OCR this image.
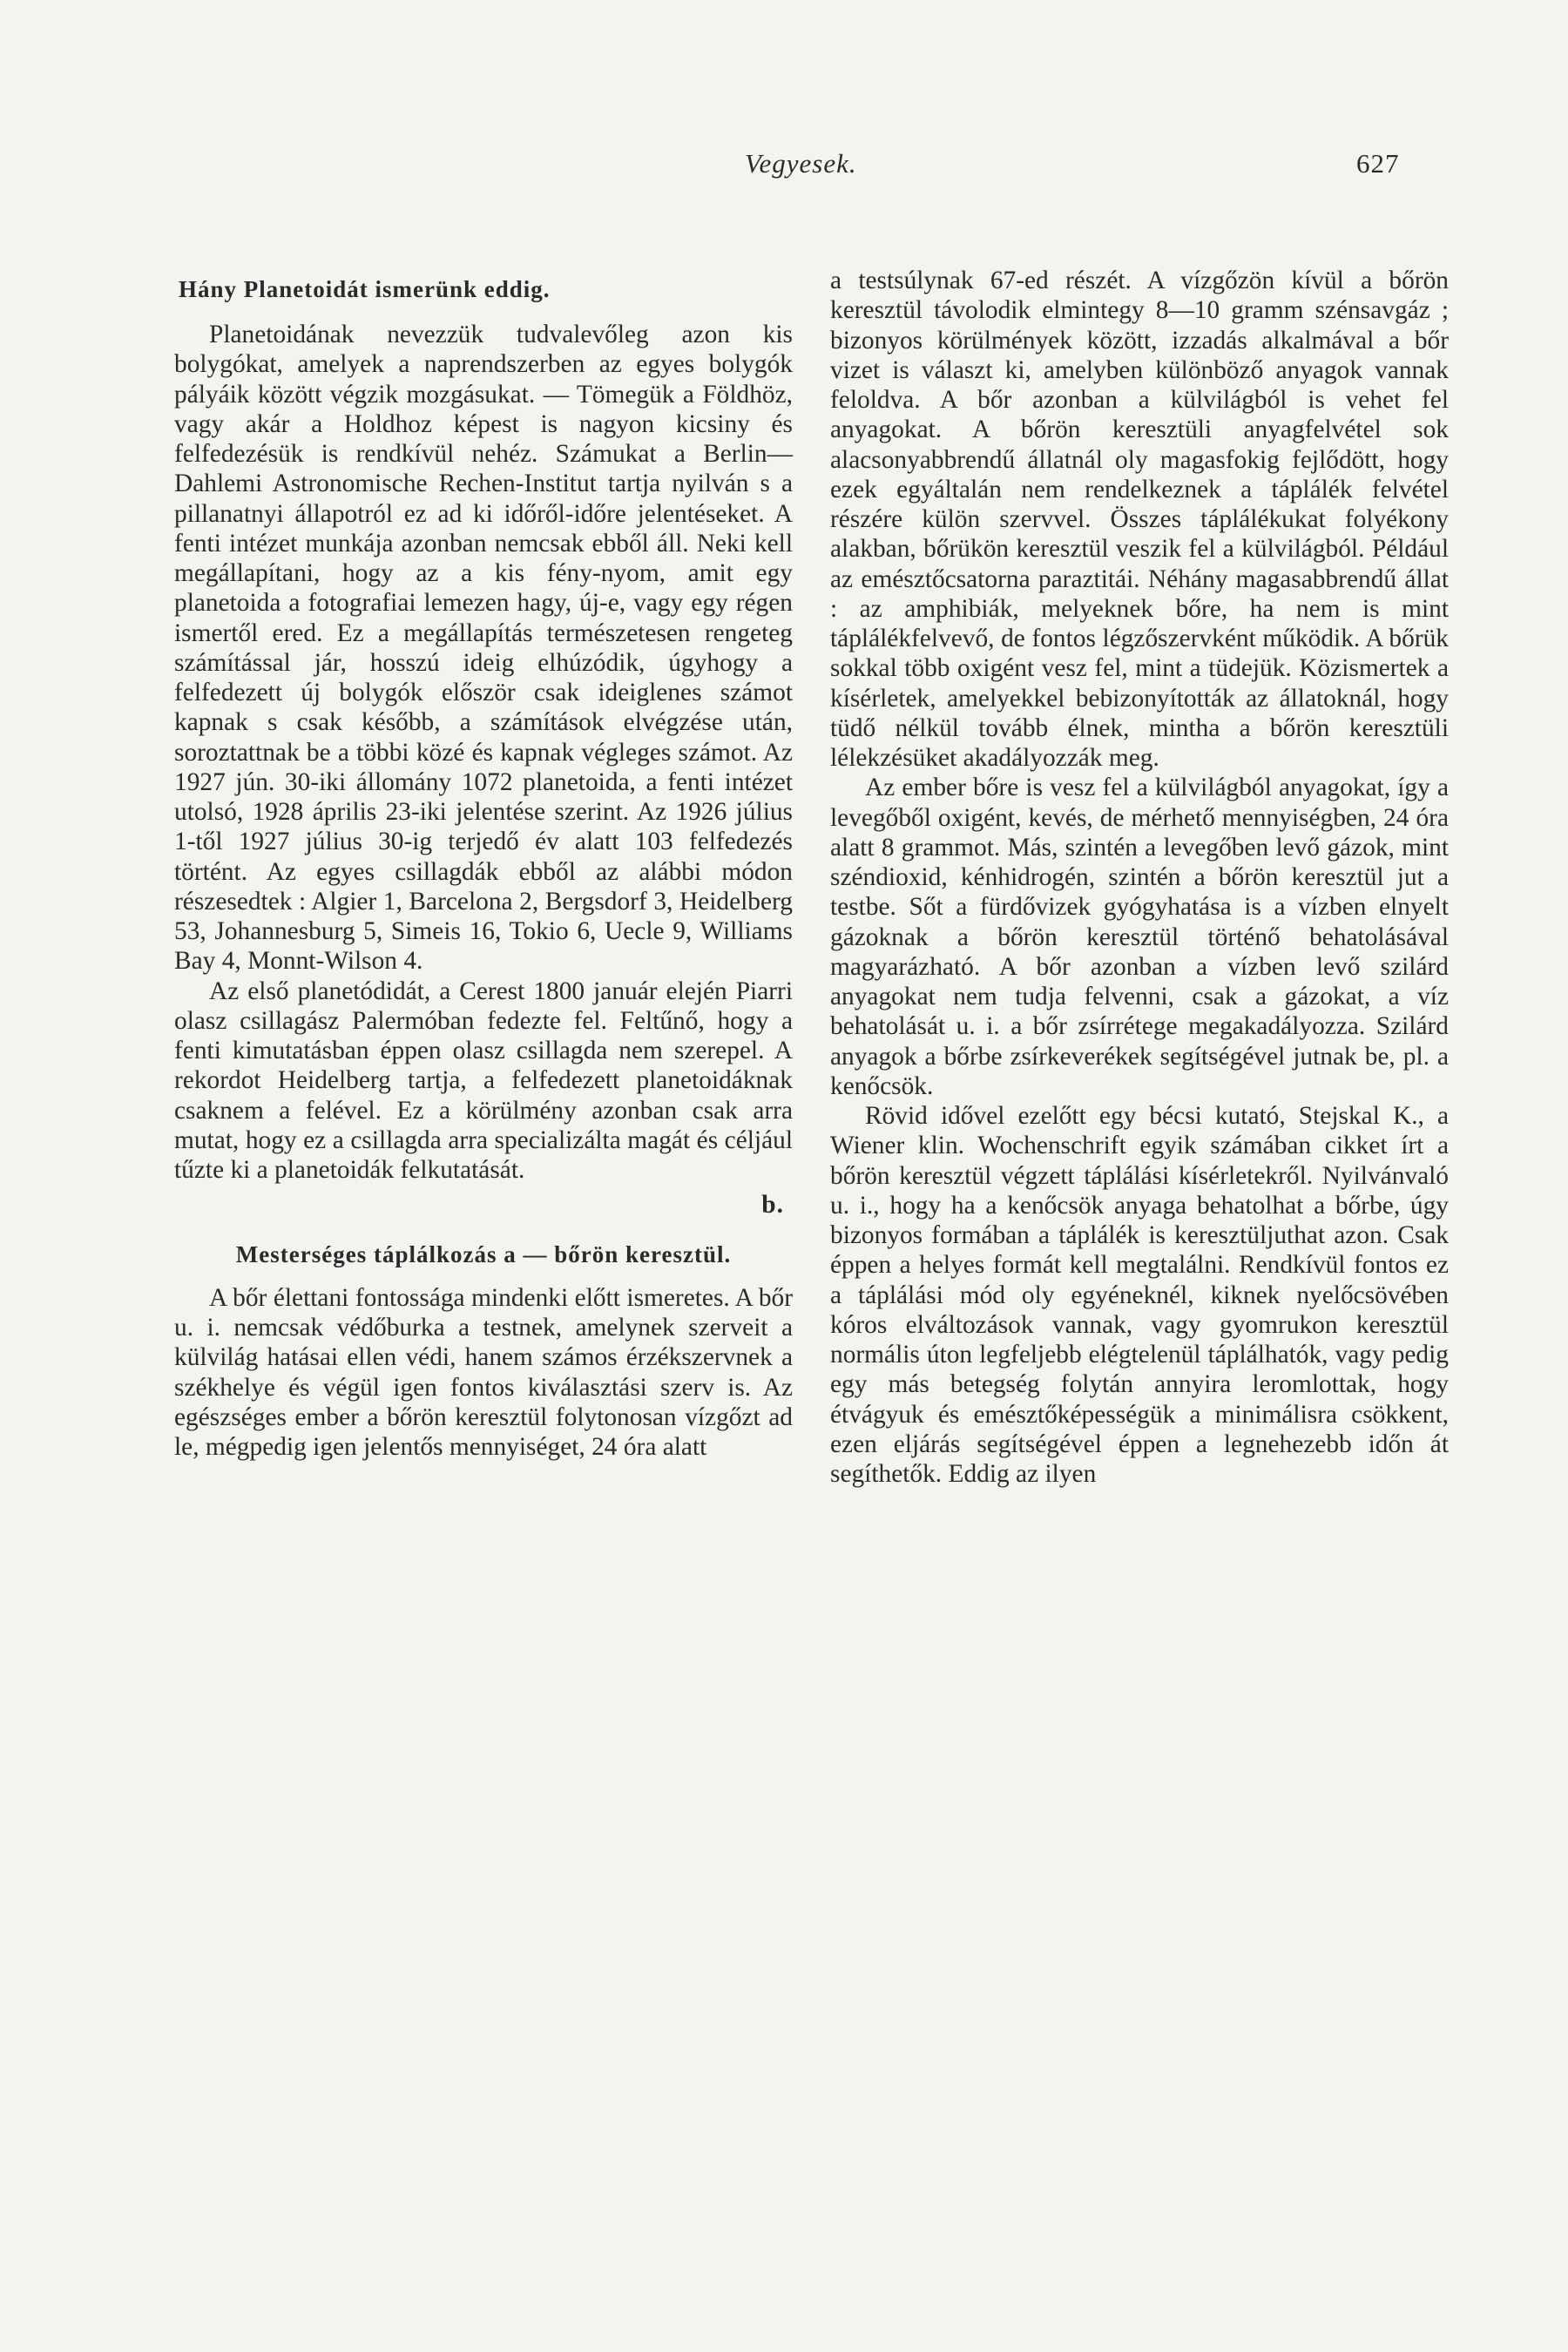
Vegyesek.	627
Hány Planetoidát ismerünk eddig.

Planetoidának nevezzük tudvalevőleg azon kis bolygókat, amelyek a naprendszerben az egyes bolygók pályáik között végzik mozgásukat. — Tömegük a Földhöz, vagy akár a Holdhoz képest is nagyon kicsiny és felfedezésük is rendkívül nehéz. Számukat a Berlin—Dahlemi Astronomische Rechen-Institut tartja nyilván s a pillanatnyi állapotról ez ad ki időről-időre jelentéseket. A fenti intézet munkája azonban nemcsak ebből áll. Neki kell megállapítani, hogy az a kis fény-nyom, amit egy planetoida a fotografiai lemezen hagy, új-e, vagy egy régen ismertől ered. Ez a megállapítás természetesen rengeteg számítással jár, hosszú ideig elhúzódik, úgyhogy a felfedezett új bolygók először csak ideiglenes számot kapnak s csak később, a számítások elvégzése után, soroztattnak be a többi közé és kapnak végleges számot. Az 1927 jún. 30-iki állomány 1072 planetoida, a fenti intézet utolsó, 1928 április 23-iki jelentése szerint. Az 1926 július 1-től 1927 július 30-ig terjedő év alatt 103 felfedezés történt. Az egyes csillagdák ebből az alábbi módon részesedtek : Algier 1, Barcelona 2, Bergsdorf 3, Heidelberg 53, Johannesburg 5, Simeis 16, Tokio 6, Uecle 9, Williams Bay 4, Monnt-Wilson 4.

Az első planetódidát, a Cerest 1800 január elején Piarri olasz csillagász Palermóban fedezte fel. Feltűnő, hogy a fenti kimutatásban éppen olasz csillagda nem szerepel. A rekordot Heidelberg tartja, a felfedezett planetoidáknak csaknem a felével. Ez a körülmény azonban csak arra mutat, hogy ez a csillagda arra specializálta magát és céljául tűzte ki a planetoidák felkutatását.

b.
Mesterséges táplálkozás a — bőrön keresztül.

A bőr élettani fontossága mindenki előtt ismeretes. A bőr u. i. nemcsak védőburka a testnek, amelynek szerveit a külvilág hatásai ellen védi, hanem számos érzékszervnek a székhelye és végül igen fontos kiválasztási szerv is. Az egészséges ember a bőrön keresztül folytonosan vízgőzt ad le, mégpedig igen jelentős mennyiséget, 24 óra alatt

a testsúlynak 67-ed részét. A vízgőzön kívül a bőrön keresztül távolodik elmintegy 8—10 gramm szénsavgáz ; bizonyos körülmények között, izzadás alkalmával a bőr vizet is választ ki, amelyben különböző anyagok vannak feloldva. A bőr azonban a külvilágból is vehet fel anyagokat. A bőrön keresztüli anyagfelvétel sok alacsonyabbrendű állatnál oly magasfokig fejlődött, hogy ezek egyáltalán nem rendelkeznek a táplálék felvétel részére külön szervvel. Összes táplálékukat folyékony alakban, bőrükön keresztül veszik fel a külvilágból. Például az emésztőcsatorna paraztitái. Néhány magasabbrendű állat : az amphibiák, melyeknek bőre, ha nem is mint táplálékfelvevő, de fontos légzőszervként működik. A bőrük sokkal több oxigént vesz fel, mint a tüdejük. Közismertek a kísérletek, amelyekkel bebizonyították az állatoknál, hogy tüdő nélkül tovább élnek, mintha a bőrön keresztüli lélekzésüket akadályozzák meg.

Az ember bőre is vesz fel a külvilágból anyagokat, így a levegőből oxigént, kevés, de mérhető mennyiségben, 24 óra alatt 8 grammot. Más, szintén a levegőben levő gázok, mint széndioxid, kénhidrogén, szintén a bőrön keresztül jut a testbe. Sőt a fürdővizek gyógyhatása is a vízben elnyelt gázoknak a bőrön keresztül történő behatolásával magyarázható. A bőr azonban a vízben levő szilárd anyagokat nem tudja felvenni, csak a gázokat, a víz behatolását u. i. a bőr zsírrétege megakadályozza. Szilárd anyagok a bőrbe zsírkeverékek segítségével jutnak be, pl. a kenőcsök.

Rövid idővel ezelőtt egy bécsi kutató, Stejskal K., a Wiener klin. Wochenschrift egyik számában cikket írt a bőrön keresztül végzett táplálási kísérletekről. Nyilvánvaló u. i., hogy ha a kenőcsök anyaga behatolhat a bőrbe, úgy bizonyos formában a táplálék is keresztüljuthat azon. Csak éppen a helyes formát kell megtalálni. Rendkívül fontos ez a táplálási mód oly egyéneknél, kiknek nyelőcsövében kóros elváltozások vannak, vagy gyomrukon keresztül normális úton legfeljebb elégtelenül táplálhatók, vagy pedig egy más betegség folytán annyira leromlottak, hogy étvágyuk és emésztőképességük a minimálisra csökkent, ezen eljárás segítségével éppen a legnehezebb időn át segíthetők. Eddig az ilyen
